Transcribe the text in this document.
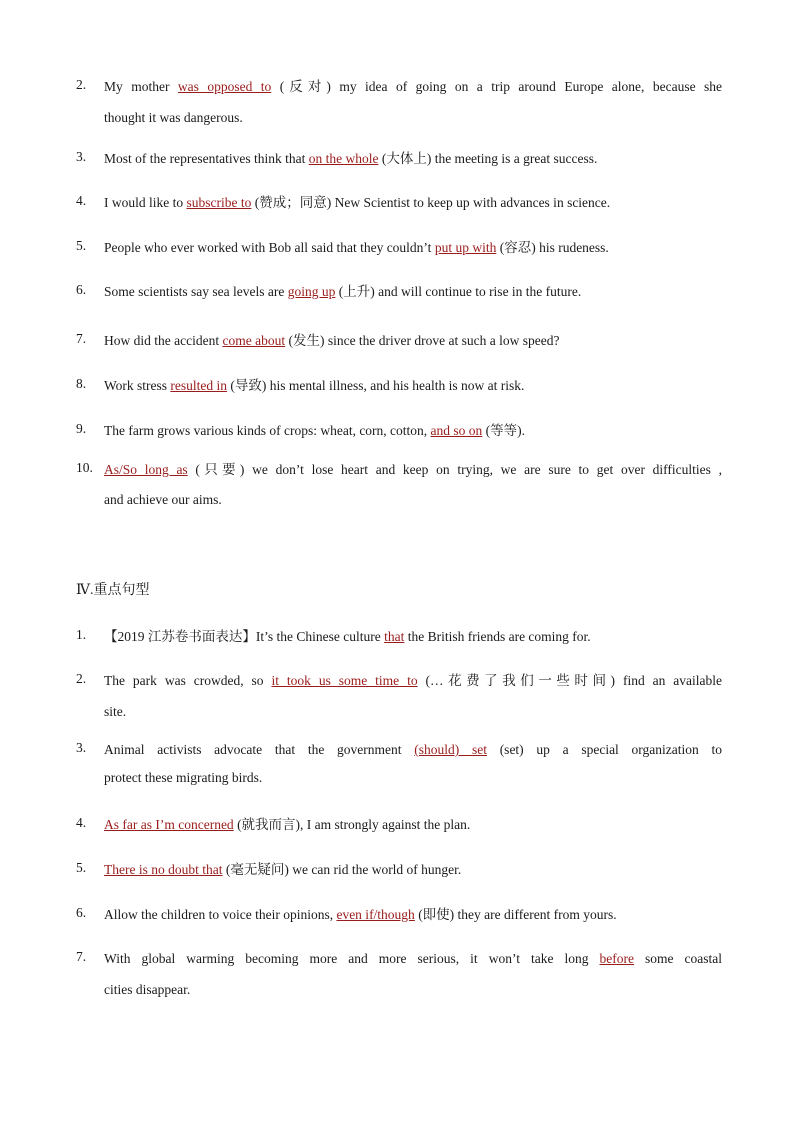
2. My mother was opposed to (反对) my idea of going on a trip around Europe alone, because she
thought it was dangerous.
3. Most of the representatives think that on the whole (大体上) the meeting is a great success.
4. I would like to subscribe to (赞成；同意) New Scientist to keep up with advances in science.
5. People who ever worked with Bob all said that they couldn’t put up with (容忍) his rudeness.
6. Some scientists say sea levels are going up (上升) and will continue to rise in the future.
7. How did the accident come about (发生) since the driver drove at such a low speed?
8. Work stress resulted in (导致) his mental illness, and his health is now at risk.
9. The farm grows various kinds of crops: wheat, corn, cotton, and so on (等等).
10. As/So long as (只要) we don’t lose heart and keep on trying, we are sure to get over difficulties ,
and achieve our aims.
Ⅳ.重点句型
1. 【2019 江苏卷书面表达】It’s the Chinese culture that the British friends are coming for.
2. The park was crowded, so it took us some time to (…花费了我们一些时间) find an available
site.
3. Animal activists advocate that the government (should) set (set) up a special organization to
protect these migrating birds.
4. As far as I’m concerned (就我而言), I am strongly against the plan.
5. There is no doubt that (毫无疑问) we can rid the world of hunger.
6. Allow the children to voice their opinions, even if/though (即使) they are different from yours.
7. With global warming becoming more and more serious, it won’t take long before some coastal
cities disappear.
